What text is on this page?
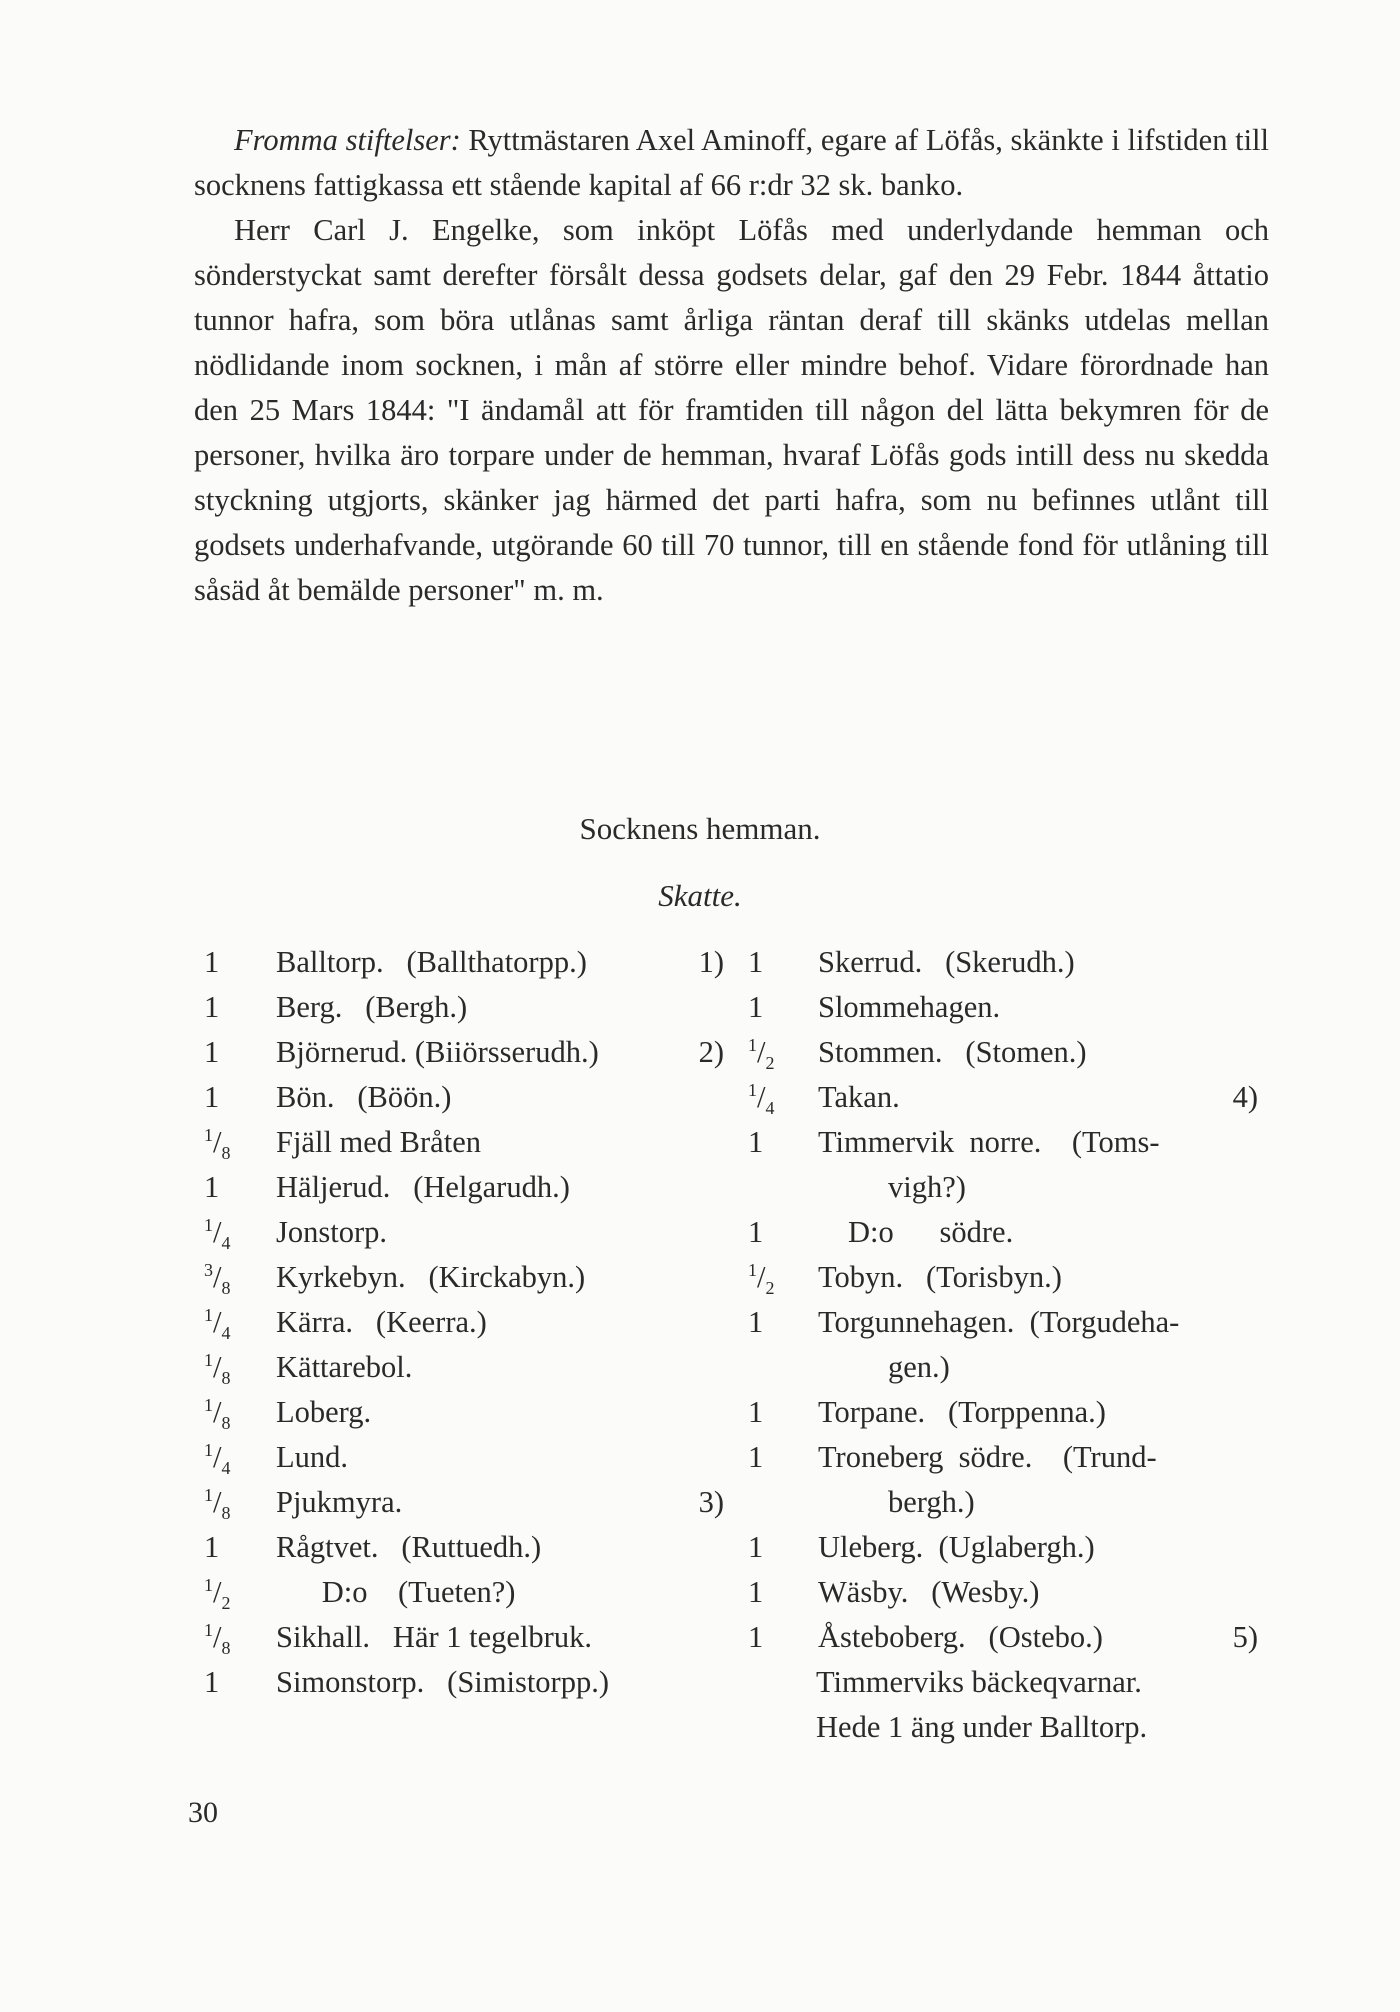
Fromma stiftelser: Ryttmästaren Axel Aminoff, egare af Löfås, skänkte i lifstiden till socknens fattigkassa ett stående kapital af 66 r:dr 32 sk. banko.

Herr Carl J. Engelke, som inköpt Löfås med underlydande hemman och sönderstyckat samt derefter försålt dessa godsets delar, gaf den 29 Febr. 1844 åttatio tunnor hafra, som böra utlånas samt årliga räntan deraf till skänks utdelas mellan nödlidande inom socknen, i mån af större eller mindre behof. Vidare förordnade han den 25 Mars 1844: "I ändamål att för framtiden till någon del lätta bekymren för de personer, hvilka äro torpare under de hemman, hvaraf Löfås gods intill dess nu skedda styckning utgjorts, skänker jag härmed det parti hafra, som nu befinnes utlånt till godsets underhafvande, utgörande 60 till 70 tunnor, till en stående fond för utlåning till såsäd åt bemälde personer" m. m.

Socknens hemman.
Skatte.
1	Balltorp.   (Ballthatorpp.)	1)
1	Berg.   (Bergh.)
1	Björnerud. (Biiörsserudh.)	2)
1	Bön.   (Böön.)
$^1/_8$	Fjäll med Bråten
1	Häljerud.   (Helgarudh.)
$^1/_4$	Jonstorp.
$^3/_8$	Kyrkebyn.   (Kirckabyn.)
$^1/_4$	Kärra.   (Keerra.)
$^1/_8$	Kättarebol.
$^1/_8$	Loberg.
$^1/_4$	Lund.
$^1/_8$	Pjukmyra.	3)
1	Rågtvet.   (Ruttuedh.)
$^1/_2$	D:o    (Tueten?)
$^1/_8$	Sikhall.   Här 1 tegelbruk.
1	Simonstorp.   (Simistorpp.)
1	Skerrud.   (Skerudh.)
1	Slommehagen.
$^1/_2$	Stommen.   (Stomen.)
$^1/_4$	Takan.	4)
1	Timmervik  norre.    (Toms-
vigh?)
1	D:o      södre.
$^1/_2$	Tobyn.   (Torisbyn.)
1	Torgunnehagen.  (Torgudeha-
gen.)
1	Torpane.   (Torppenna.)
1	Troneberg  södre.    (Trund-
bergh.)
1	Uleberg.  (Uglabergh.)
1	Wäsby.   (Wesby.)
1	Åsteboberg.   (Ostebo.)	5)
Timmerviks bäckeqvarnar.
Hede 1 äng under Balltorp.
30
